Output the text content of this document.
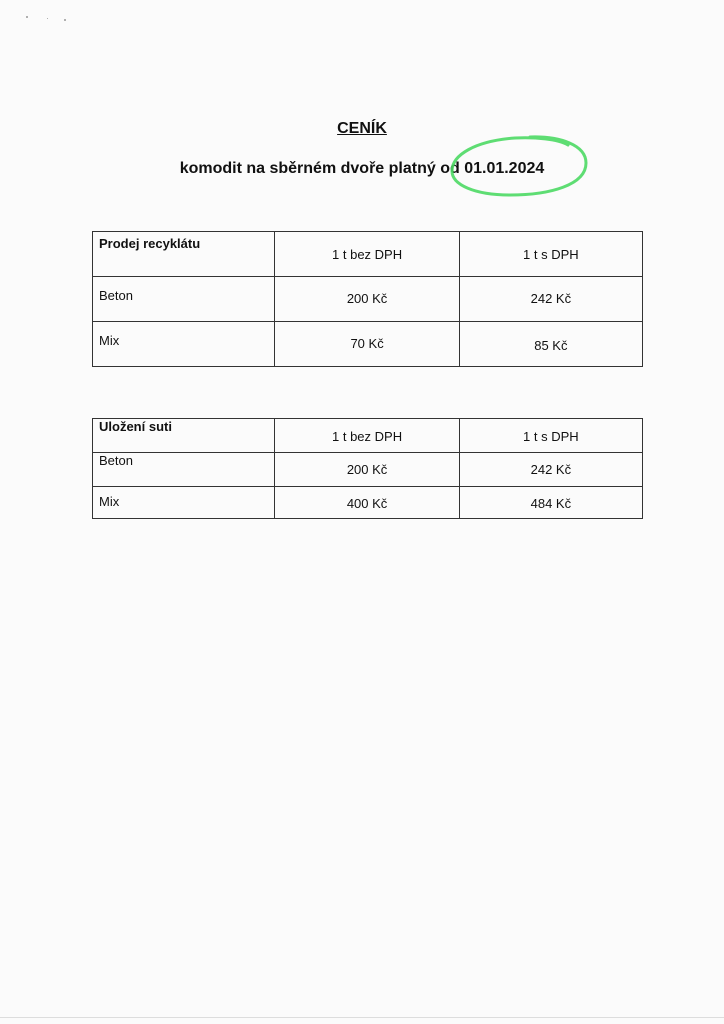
CENÍK
komodit na sběrném dvoře platný od 01.01.2024
Prodej recyklátu	1 t bez DPH	1 t s DPH

Beton	200 Kč	242 Kč

Mix	70 Kč	85 Kč
Uložení suti	1 t bez DPH	1 t s DPH

Beton	200 Kč	242 Kč

Mix	400 Kč	484 Kč
